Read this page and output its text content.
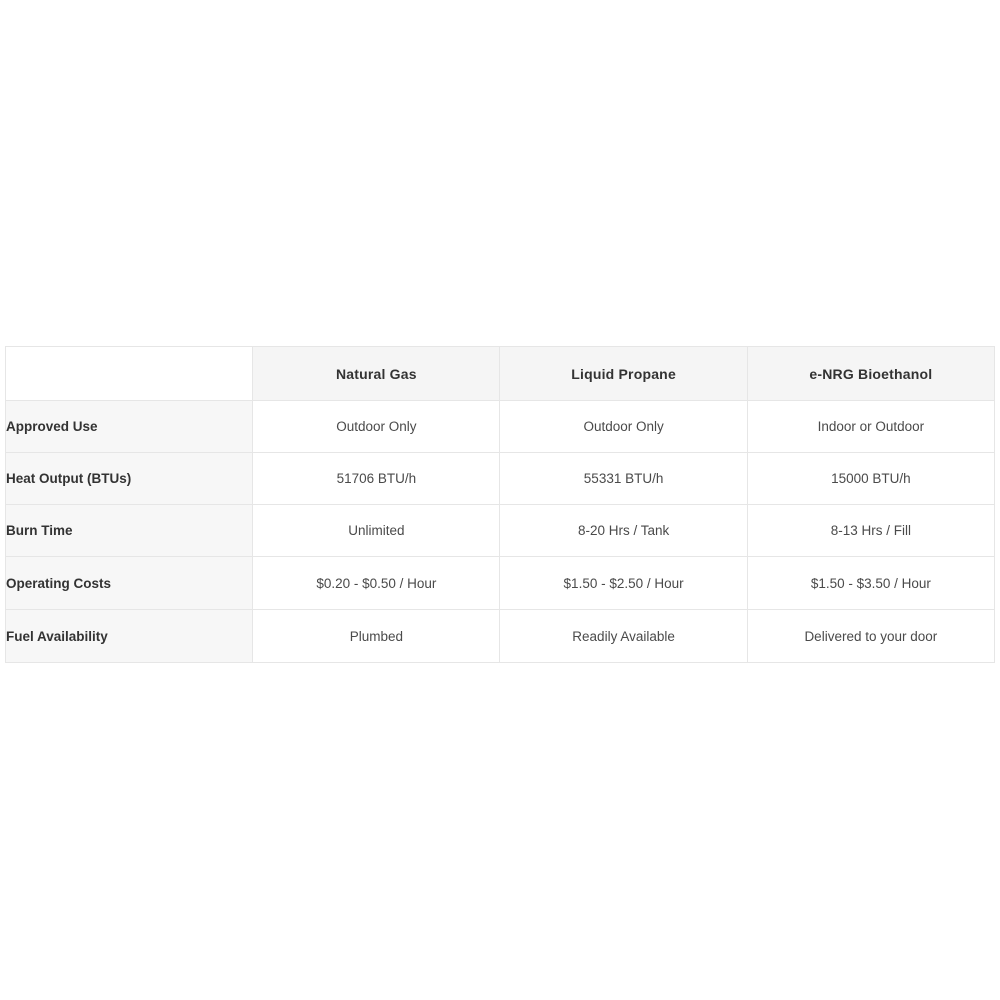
	Natural Gas	Liquid Propane	e-NRG Bioethanol
Approved Use	Outdoor Only	Outdoor Only	Indoor or Outdoor
Heat Output (BTUs)	51706 BTU/h	55331 BTU/h	15000 BTU/h
Burn Time	Unlimited	8-20 Hrs / Tank	8-13 Hrs / Fill
Operating Costs	$0.20 - $0.50 / Hour	$1.50 - $2.50 / Hour	$1.50 - $3.50 / Hour
Fuel Availability	Plumbed	Readily Available	Delivered to your door
